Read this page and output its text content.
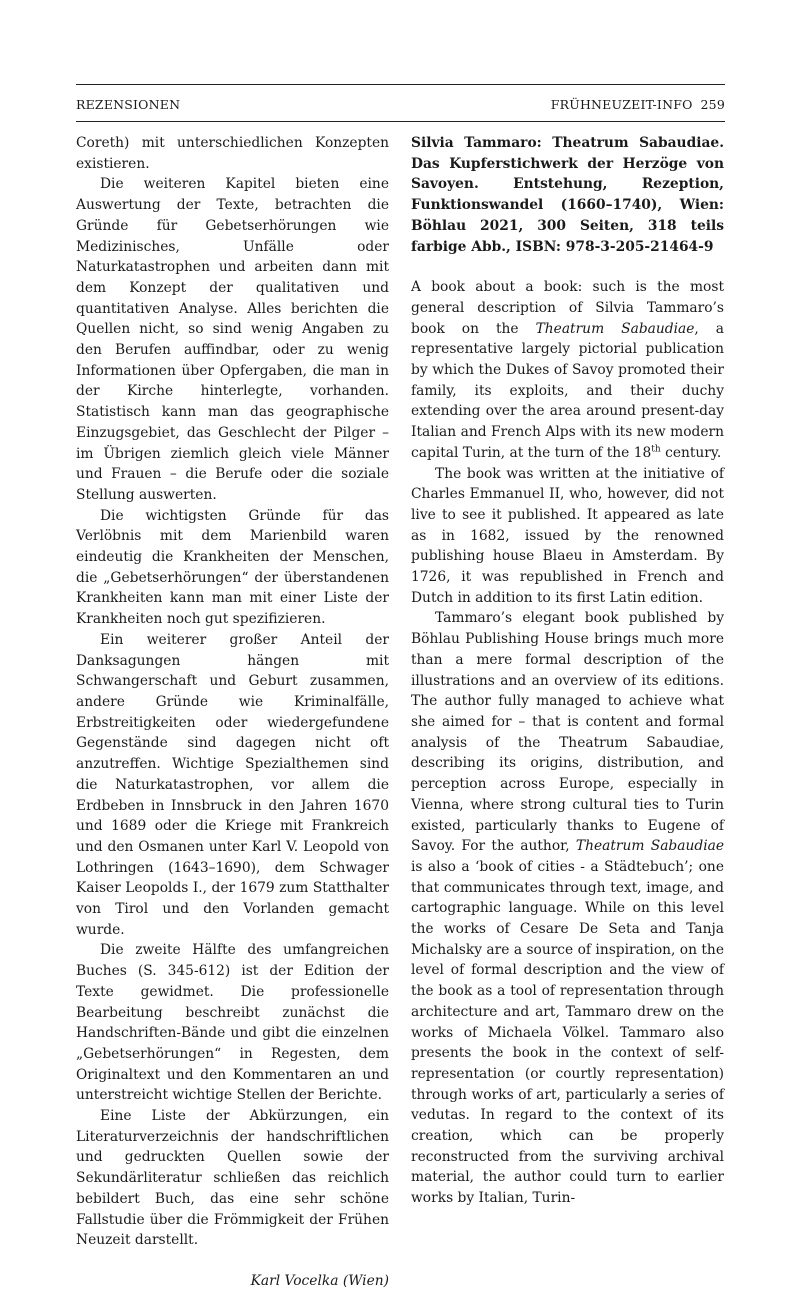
REZENSIONEN	FRÜHNEUZEIT-INFO 259

Coreth) mit unterschiedlichen Konzepten existieren.

Die weiteren Kapitel bieten eine Auswertung der Texte, betrachten die Gründe für Gebetserhörungen wie Medizinisches, Unfälle oder Naturkatastrophen und arbeiten dann mit dem Konzept der qualitativen und quantitativen Analyse. Alles berichten die Quellen nicht, so sind wenig Angaben zu den Berufen auffindbar, oder zu wenig Informationen über Opfergaben, die man in der Kirche hinterlegte, vorhanden. Statistisch kann man das geographische Einzugsgebiet, das Geschlecht der Pilger – im Übrigen ziemlich gleich viele Männer und Frauen – die Berufe oder die soziale Stellung auswerten.

Die wichtigsten Gründe für das Verlöbnis mit dem Marienbild waren eindeutig die Krankheiten der Menschen, die „Gebetserhörungen“ der überstandenen Krankheiten kann man mit einer Liste der Krankheiten noch gut spezifizieren.

Ein weiterer großer Anteil der Danksagungen hängen mit Schwangerschaft und Geburt zusammen, andere Gründe wie Kriminalfälle, Erbstreitigkeiten oder wiedergefundene Gegenstände sind dagegen nicht oft anzutreffen. Wichtige Spezialthemen sind die Naturkatastrophen, vor allem die Erdbeben in Innsbruck in den Jahren 1670 und 1689 oder die Kriege mit Frankreich und den Osmanen unter Karl V. Leopold von Lothringen (1643–1690), dem Schwager Kaiser Leopolds I., der 1679 zum Statthalter von Tirol und den Vorlanden gemacht wurde.

Die zweite Hälfte des umfangreichen Buches (S. 345-612) ist der Edition der Texte gewidmet. Die professionelle Bearbeitung beschreibt zunächst die Handschriften-Bände und gibt die einzelnen „Gebetserhörungen“ in Regesten, dem Originaltext und den Kommentaren an und unterstreicht wichtige Stellen der Berichte.

Eine Liste der Abkürzungen, ein Literaturverzeichnis der handschriftlichen und gedruckten Quellen sowie der Sekundärliteratur schließen das reichlich bebildert Buch, das eine sehr schöne Fallstudie über die Frömmigkeit der Frühen Neuzeit darstellt.

Karl Vocelka (Wien)

Silvia Tammaro: Theatrum Sabaudiae. Das Kupferstichwerk der Herzöge von Savoyen. Entstehung, Rezeption, Funktionswandel (1660–1740), Wien: Böhlau 2021, 300 Seiten, 318 teils farbige Abb., ISBN: 978-3-205-21464-9

A book about a book: such is the most general description of Silvia Tammaro’s book on the Theatrum Sabaudiae, a representative largely pictorial publication by which the Dukes of Savoy promoted their family, its exploits, and their duchy extending over the area around present-day Italian and French Alps with its new modern capital Turin, at the turn of the 18th century.

The book was written at the initiative of Charles Emmanuel II, who, however, did not live to see it published. It appeared as late as in 1682, issued by the renowned publishing house Blaeu in Amsterdam. By 1726, it was republished in French and Dutch in addition to its first Latin edition.

Tammaro’s elegant book published by Böhlau Publishing House brings much more than a mere formal description of the illustrations and an overview of its editions. The author fully managed to achieve what she aimed for – that is content and formal analysis of the Theatrum Sabaudiae, describing its origins, distribution, and perception across Europe, especially in Vienna, where strong cultural ties to Turin existed, particularly thanks to Eugene of Savoy. For the author, Theatrum Sabaudiae is also a ‘book of cities - a Städtebuch’; one that communicates through text, image, and cartographic language. While on this level the works of Cesare De Seta and Tanja Michalsky are a source of inspiration, on the level of formal description and the view of the book as a tool of representation through architecture and art, Tammaro drew on the works of Michaela Völkel. Tammaro also presents the book in the context of self-representation (or courtly representation) through works of art, particularly a series of vedutas. In regard to the context of its creation, which can be properly reconstructed from the surviving archival material, the author could turn to earlier works by Italian, Turin-
